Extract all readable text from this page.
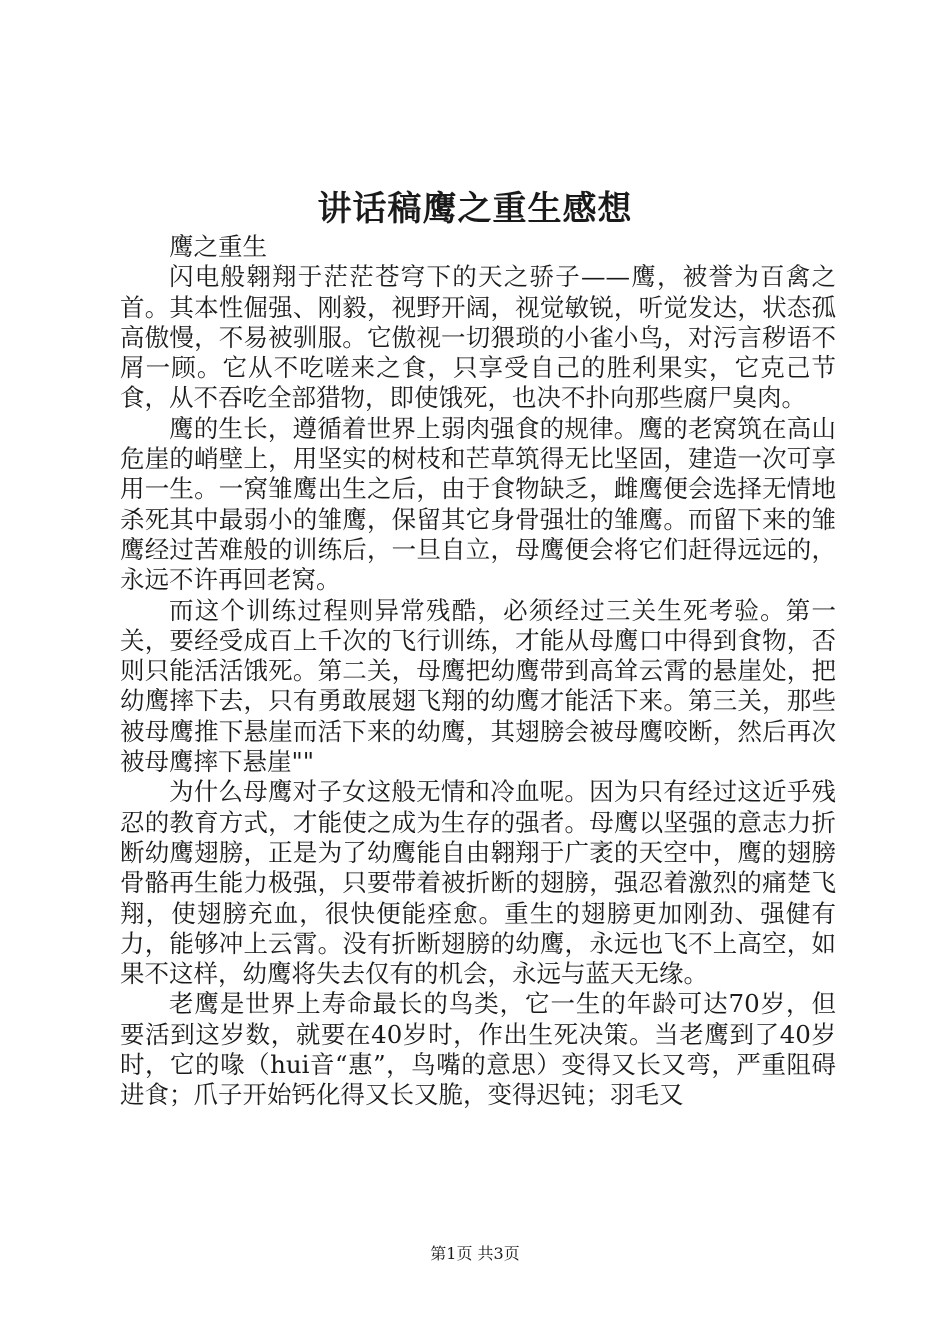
讲话稿鹰之重生感想

鹰之重生

闪电般翱翔于茫茫苍穹下的天之骄子——鹰，被誉为百禽之首。其本性倔强、刚毅，视野开阔，视觉敏锐，听觉发达，状态孤高傲慢，不易被驯服。它傲视一切猥琐的小雀小鸟，对污言秽语不屑一顾。它从不吃嗟来之食，只享受自己的胜利果实，它克己节食，从不吞吃全部猎物，即使饿死，也决不扑向那些腐尸臭肉。

鹰的生长，遵循着世界上弱肉强食的规律。鹰的老窝筑在高山危崖的峭壁上，用坚实的树枝和芒草筑得无比坚固，建造一次可享用一生。一窝雏鹰出生之后，由于食物缺乏，雌鹰便会选择无情地杀死其中最弱小的雏鹰，保留其它身骨强壮的雏鹰。而留下来的雏鹰经过苦难般的训练后，一旦自立，母鹰便会将它们赶得远远的，永远不许再回老窝。

而这个训练过程则异常残酷，必须经过三关生死考验。第一关，要经受成百上千次的飞行训练，才能从母鹰口中得到食物，否则只能活活饿死。第二关，母鹰把幼鹰带到高耸云霄的悬崖处，把幼鹰摔下去，只有勇敢展翅飞翔的幼鹰才能活下来。第三关，那些被母鹰推下悬崖而活下来的幼鹰，其翅膀会被母鹰咬断，然后再次被母鹰摔下悬崖""

为什么母鹰对子女这般无情和冷血呢。因为只有经过这近乎残忍的教育方式，才能使之成为生存的强者。母鹰以坚强的意志力折断幼鹰翅膀，正是为了幼鹰能自由翱翔于广袤的天空中，鹰的翅膀骨骼再生能力极强，只要带着被折断的翅膀，强忍着激烈的痛楚飞翔，使翅膀充血，很快便能痊愈。重生的翅膀更加刚劲、强健有力，能够冲上云霄。没有折断翅膀的幼鹰，永远也飞不上高空，如果不这样，幼鹰将失去仅有的机会，永远与蓝天无缘。

老鹰是世界上寿命最长的鸟类，它一生的年龄可达70岁，但要活到这岁数，就要在40岁时，作出生死决策。当老鹰到了40岁时，它的喙（hui音“惠”，鸟嘴的意思）变得又长又弯，严重阻碍进食；爪子开始钙化得又长又脆，变得迟钝；羽毛又

第1页 共3页
